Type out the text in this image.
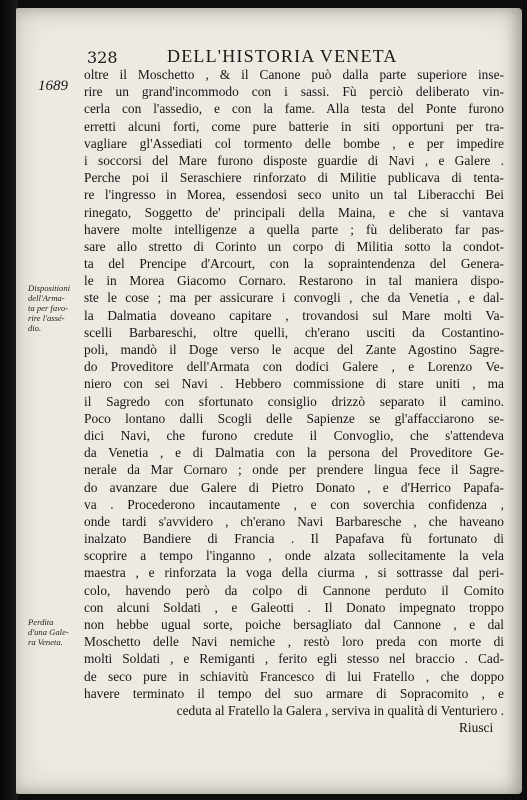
328	DELL'HISTORIA VENETA
1689
oltre il Moschetto , & il Canone può dalla parte superiore inse-
rire un grand'incommodo con i sassi. Fù perciò deliberato vin-
cerla con l'assedio, e con la fame. Alla testa del Ponte furono
erretti alcuni forti, come pure batterie in siti opportuni per tra-
vagliare gl'Assediati col tormento delle bombe , e per impedire
i soccorsi del Mare furono disposte guardie di Navi , e Galere .
Perche poi il Seraschiere rinforzato di Militie publicava di tenta-
re l'ingresso in Morea, essendosi seco unito un tal Liberacchi Bei
rinegato, Soggetto de' principali della Maina, e che si vantava
havere molte intelligenze a quella parte ; fù deliberato far pas-
sare allo stretto di Corinto un corpo di Militia sotto la condot-
ta del Prencipe d'Arcourt, con la sopraintendenza del Genera-
le in Morea Giacomo Cornaro. Restarono in tal maniera dispo-
ste le cose ; ma per assicurare i convogli , che da Venetia , e dal-
la Dalmatia doveano capitare , trovandosi sul Mare molti Va-
scelli Barbareschi, oltre quelli, ch'erano usciti da Costantino-
poli, mandò il Doge verso le acque del Zante Agostino Sagre-
do Proveditore dell'Armata con dodici Galere , e Lorenzo Ve-
niero con sei Navi . Hebbero commissione di stare uniti , ma
il Sagredo con sfortunato consiglio drizzò separato il camino.
Poco lontano dalli Scogli delle Sapienze se gl'affacciarono se-
dici Navi, che furono credute il Convoglio, che s'attendeva
da Venetia , e di Dalmatia con la persona del Proveditore Ge-
nerale da Mar Cornaro ; onde per prendere lingua fece il Sagre-
do avanzare due Galere di Pietro Donato , e d'Herrico Papafa-
va . Procederono incautamente , e con soverchia confidenza ,
onde tardi s'avvidero , ch'erano Navi Barbaresche , che haveano
inalzato Bandiere di Francia . Il Papafava fù fortunato di
scoprire a tempo l'inganno , onde alzata sollecitamente la vela
maestra , e rinforzata la voga della ciurma , si sottrasse dal peri-
colo, havendo però da colpo di Cannone perduto il Comito
con alcuni Soldati , e Galeotti . Il Donato impegnato troppo
non hebbe ugual sorte, poiche bersagliato dal Cannone , e dal
Moschetto delle Navi nemiche , restò loro preda con morte di
molti Soldati , e Remiganti , ferito egli stesso nel braccio . Cad-
de seco pure in schiavitù Francesco di lui Fratello , che doppo
havere terminato il tempo del suo armare di Sopracomito , e
ceduta al Fratello la Galera , serviva in qualità di Venturiero .
Dispositioni
dell'Arma-
ta per favo-
rire l'assé-
dio.
Perdita
d'una Gale-
ra Veneta.
Riusci
